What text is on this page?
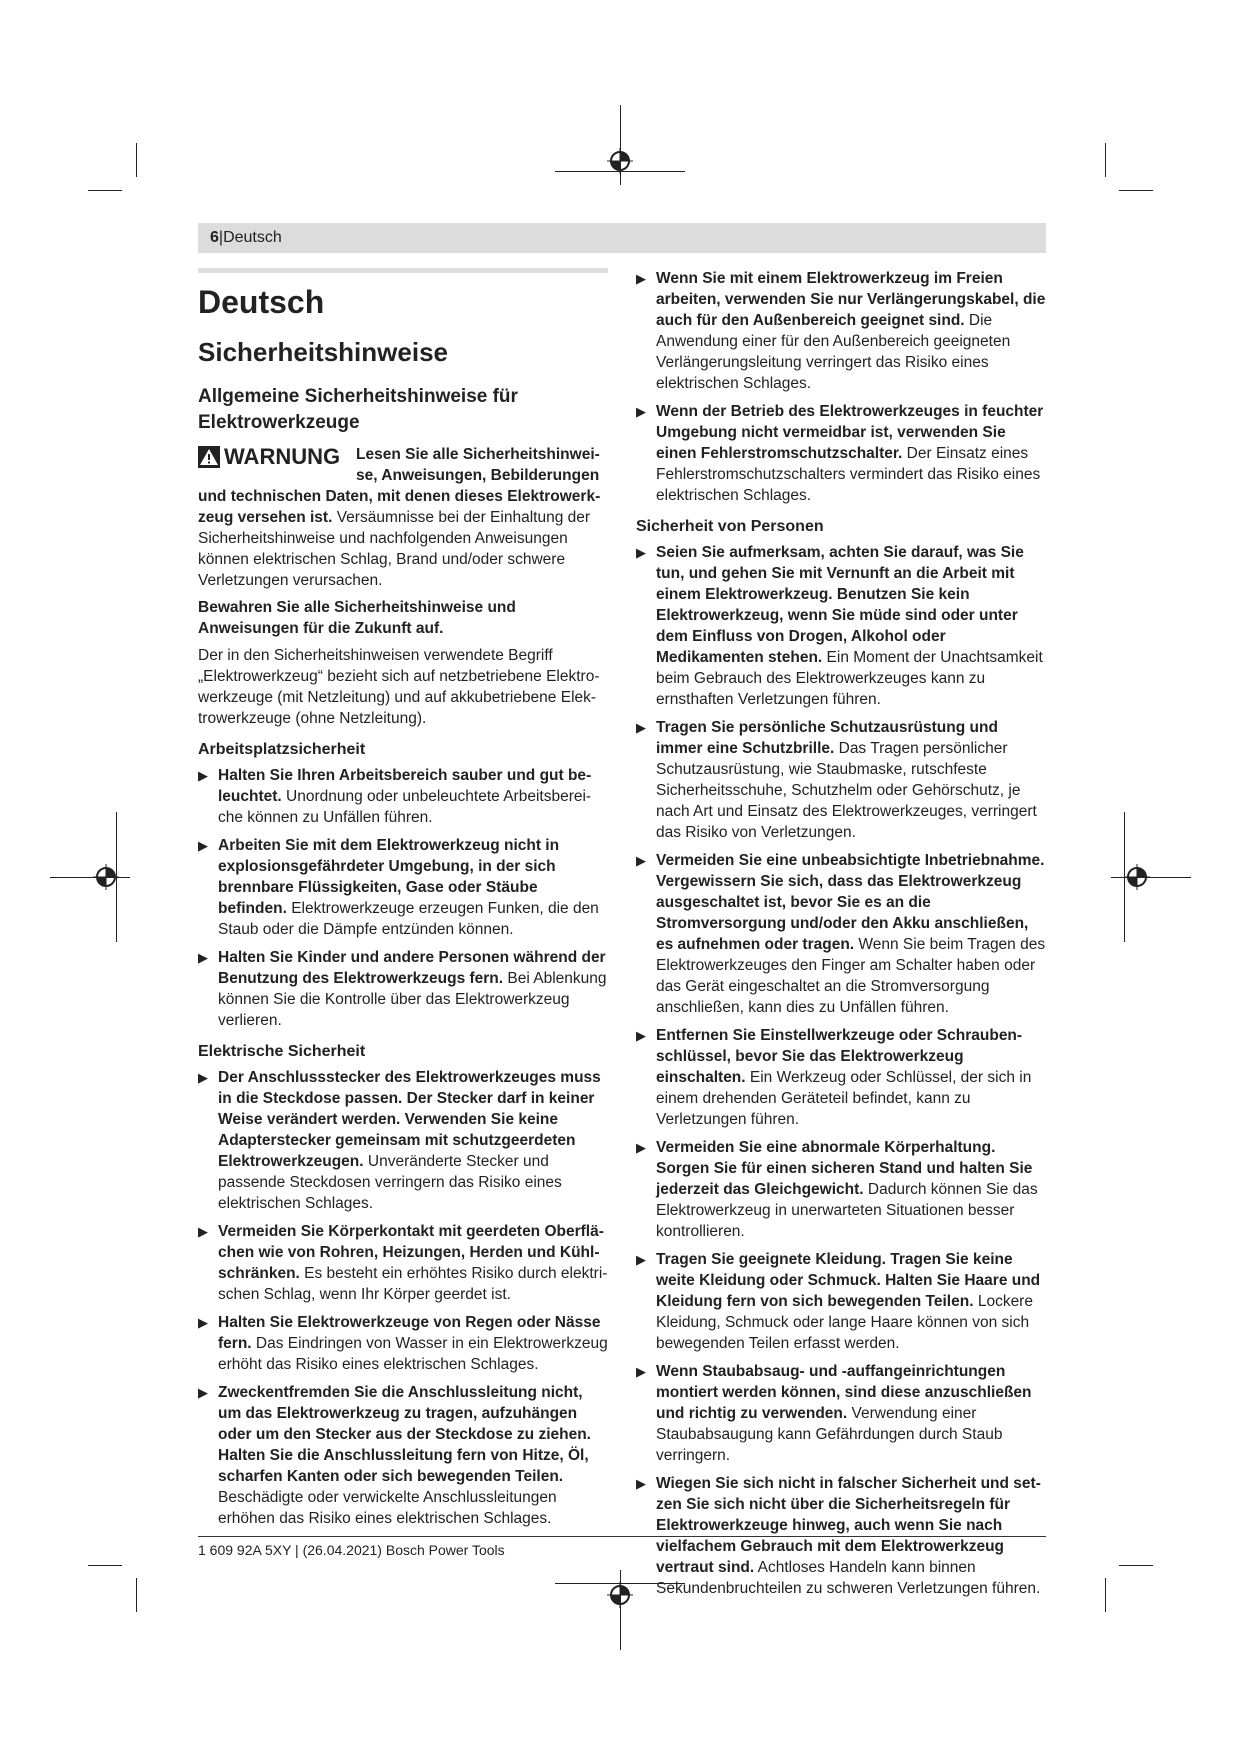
6|Deutsch
Deutsch
Sicherheitshinweise
Allgemeine Sicherheitshinweise für Elektrowerkzeuge
WARNUNG Lesen Sie alle Sicherheitshinweise, Anweisungen, Bebilderungen

und technischen Daten, mit denen dieses Elektrowerkzeug versehen ist. Versäumnisse bei der Einhaltung der Sicherheitshinweise und nachfolgenden Anweisungen können elektrischen Schlag, Brand und/oder schwere Verletzungen verursachen.

Bewahren Sie alle Sicherheitshinweise und Anweisungen für die Zukunft auf.

Der in den Sicherheitshinweisen verwendete Begriff „Elektrowerkzeug“ bezieht sich auf netzbetriebene Elektrowerkzeuge (mit Netzleitung) und auf akkubetriebene Elektrowerkzeuge (ohne Netzleitung).

Arbeitsplatzsicherheit
▶ Halten Sie Ihren Arbeitsbereich sauber und gut beleuchtet. Unordnung oder unbeleuchtete Arbeitsbereiche können zu Unfällen führen.
▶ Arbeiten Sie mit dem Elektrowerkzeug nicht in explosionsgefährdeter Umgebung, in der sich brennbare Flüssigkeiten, Gase oder Stäube befinden. Elektrowerkzeuge erzeugen Funken, die den Staub oder die Dämpfe entzünden können.
▶ Halten Sie Kinder und andere Personen während der Benutzung des Elektrowerkzeugs fern. Bei Ablenkung können Sie die Kontrolle über das Elektrowerkzeug verlieren.
Elektrische Sicherheit
▶ Der Anschlussstecker des Elektrowerkzeuges muss in die Steckdose passen. Der Stecker darf in keiner Weise verändert werden. Verwenden Sie keine Adapterstecker gemeinsam mit schutzgeerdeten Elektrowerkzeugen. Unveränderte Stecker und passende Steckdosen verringern das Risiko eines elektrischen Schlages.
▶ Vermeiden Sie Körperkontakt mit geerdeten Oberflächen wie von Rohren, Heizungen, Herden und Kühlschränken. Es besteht ein erhöhtes Risiko durch elektrischen Schlag, wenn Ihr Körper geerdet ist.
▶ Halten Sie Elektrowerkzeuge von Regen oder Nässe fern. Das Eindringen von Wasser in ein Elektrowerkzeug erhöht das Risiko eines elektrischen Schlages.
▶ Zweckentfremden Sie die Anschlussleitung nicht, um das Elektrowerkzeug zu tragen, aufzuhängen oder um den Stecker aus der Steckdose zu ziehen. Halten Sie die Anschlussleitung fern von Hitze, Öl, scharfen Kanten oder sich bewegenden Teilen. Beschädigte oder verwickelte Anschlussleitungen erhöhen das Risiko eines elektrischen Schlages.
▶ Wenn Sie mit einem Elektrowerkzeug im Freien arbeiten, verwenden Sie nur Verlängerungskabel, die auch für den Außenbereich geeignet sind. Die Anwendung einer für den Außenbereich geeigneten Verlängerungsleitung verringert das Risiko eines elektrischen Schlages.
▶ Wenn der Betrieb des Elektrowerkzeuges in feuchter Umgebung nicht vermeidbar ist, verwenden Sie einen Fehlerstromschutzschalter. Der Einsatz eines Fehlerstromschutzschalters vermindert das Risiko eines elektrischen Schlages.
Sicherheit von Personen
▶ Seien Sie aufmerksam, achten Sie darauf, was Sie tun, und gehen Sie mit Vernunft an die Arbeit mit einem Elektrowerkzeug. Benutzen Sie kein Elektrowerkzeug, wenn Sie müde sind oder unter dem Einfluss von Drogen, Alkohol oder Medikamenten stehen. Ein Moment der Unachtsamkeit beim Gebrauch des Elektrowerkzeuges kann zu ernsthaften Verletzungen führen.
▶ Tragen Sie persönliche Schutzausrüstung und immer eine Schutzbrille. Das Tragen persönlicher Schutzausrüstung, wie Staubmaske, rutschfeste Sicherheitsschuhe, Schutzhelm oder Gehörschutz, je nach Art und Einsatz des Elektrowerkzeuges, verringert das Risiko von Verletzungen.
▶ Vermeiden Sie eine unbeabsichtigte Inbetriebnahme. Vergewissern Sie sich, dass das Elektrowerkzeug ausgeschaltet ist, bevor Sie es an die Stromversorgung und/oder den Akku anschließen, es aufnehmen oder tragen. Wenn Sie beim Tragen des Elektrowerkzeuges den Finger am Schalter haben oder das Gerät eingeschaltet an die Stromversorgung anschließen, kann dies zu Unfällen führen.
▶ Entfernen Sie Einstellwerkzeuge oder Schraubenschlüssel, bevor Sie das Elektrowerkzeug einschalten. Ein Werkzeug oder Schlüssel, der sich in einem drehenden Geräteteil befindet, kann zu Verletzungen führen.
▶ Vermeiden Sie eine abnormale Körperhaltung. Sorgen Sie für einen sicheren Stand und halten Sie jederzeit das Gleichgewicht. Dadurch können Sie das Elektrowerkzeug in unerwarteten Situationen besser kontrollieren.
▶ Tragen Sie geeignete Kleidung. Tragen Sie keine weite Kleidung oder Schmuck. Halten Sie Haare und Kleidung fern von sich bewegenden Teilen. Lockere Kleidung, Schmuck oder lange Haare können von sich bewegenden Teilen erfasst werden.
▶ Wenn Staubabsaug- und -auffangeinrichtungen montiert werden können, sind diese anzuschließen und richtig zu verwenden. Verwendung einer Staubabsaugung kann Gefährdungen durch Staub verringern.
▶ Wiegen Sie sich nicht in falscher Sicherheit und setzen Sie sich nicht über die Sicherheitsregeln für Elektrowerkzeuge hinweg, auch wenn Sie nach vielfachem Gebrauch mit dem Elektrowerkzeug vertraut sind. Achtloses Handeln kann binnen Sekundenbruchteilen zu schweren Verletzungen führen.
1 609 92A 5XY | (26.04.2021) Bosch Power Tools
